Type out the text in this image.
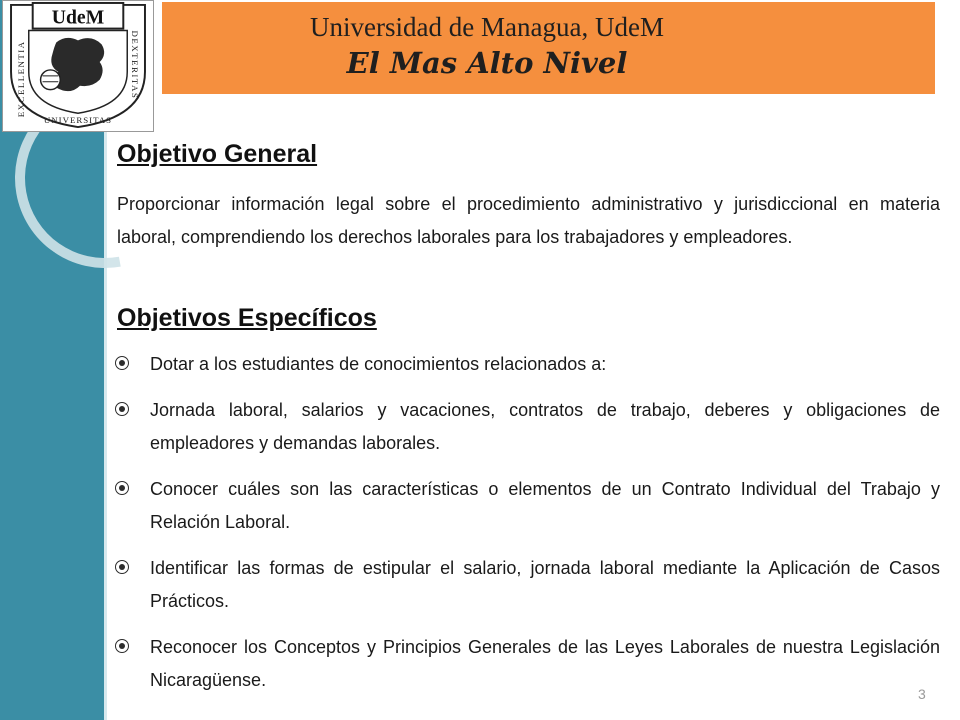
Universidad de Managua, UdeM
El Mas Alto Nivel
UdeM
EXCELLENTIA	DEXTERITAS
UNIVERSITAS
Objetivo General

Proporcionar información legal sobre el procedimiento administrativo y jurisdiccional en materia laboral, comprendiendo los derechos laborales para los trabajadores y empleadores.

Objetivos Específicos

Dotar a los estudiantes de conocimientos relacionados a:

Jornada laboral, salarios y vacaciones, contratos de trabajo, deberes y obligaciones de empleadores y demandas laborales.

Conocer cuáles son las características o elementos de un Contrato Individual del Trabajo y Relación Laboral.

Identificar las formas de estipular el salario, jornada laboral mediante la Aplicación de Casos Prácticos.

Reconocer los Conceptos y Principios Generales de las Leyes Laborales de nuestra Legislación Nicaragüense.

3
